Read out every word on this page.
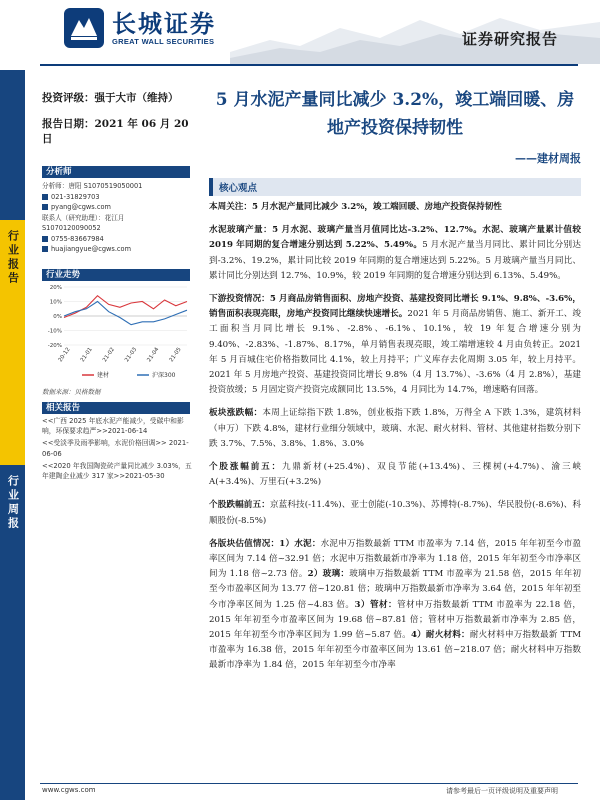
行业报告
行业周报
长城证券
GREAT WALL SECURITIES	证券研究报告
投资评级：强于大市（维持）
报告日期：2021 年 06 月 20 日
分析师
分析师：唐阳 S1070519050001
021-31829703
pyang@cgws.com
联系人（研究助理）：花江月
S1070120090052
0755-83667984
huajiangyue@cgws.com
行业走势
20%
10%
0%
-10%
-20%
20-12 21-01 21-02 21-03 21-04 21-05
建材	沪深300
数据来源：贝格数据
相关报告
<<广西 2025 年底水泥产能减少，受碳中和影响，环保要求趋严>>2021-06-14
<<受淡季及雨季影响，水泥价格回调>> 2021-06-06
<<2020 年我国陶瓷砖产量同比减少 3.03%，五年建陶企业减少 317 家>>2021-05-30
5 月水泥产量同比减少 3.2%，竣工端回暖、房地产投资保持韧性
——建材周报
核心观点
本周关注：5 月水泥产量同比减少 3.2%，竣工端回暖、房地产投资保持韧性
水泥玻璃产量：5 月水泥、玻璃产量当月值同比达-3.2%、12.7%。水泥、玻璃产量累计值较 2019 年同期的复合增速分别达到 5.22%、5.49%。5 月水泥产量当月同比、累计同比分别达到-3.2%、19.2%，累计同比较 2019 年同期的复合增速达到 5.22%。5 月玻璃产量当月同比、累计同比分别达到 12.7%、10.9%，较 2019 年同期的复合增速分别达到 6.13%、5.49%。
下游投资情况：5 月商品房销售面积、房地产投资、基建投资同比增长 9.1%、9.8%、-3.6%，销售面积表现亮眼，房地产投资同比继续快速增长。2021 年 5 月商品房销售、施工、新开工、竣工面积当月同比增长 9.1%、-2.8%、-6.1%、10.1%，较 19 年复合增速分别为 9.40%、-2.83%、-1.87%、8.17%，单月销售表现亮眼，竣工端增速较 4 月由负转正。2021 年 5 月百城住宅价格指数同比 4.1%，较上月持平；广义库存去化周期 3.05 年，较上月持平。2021 年 5 月房地产投资、基建投资同比增长 9.8%（4 月 13.7%）、-3.6%（4 月 2.8%），基建投资放缓；5 月固定资产投资完成额同比 13.5%，4 月同比为 14.7%，增速略有回落。
板块涨跌幅：本周上证综指下跌 1.8%，创业板指下跌 1.8%，万得全 A 下跌 1.3%，建筑材料（申万）下跌 4.8%，建材行业细分领域中，玻璃、水泥、耐火材料、管材、其他建材指数分别下跌 3.7%、7.5%、3.8%、1.8%、3.0%
个股涨幅前五：九鼎新材(+25.4%)、双良节能(+13.4%)、三棵树(+4.7%)、渝三峡 A(+3.4%)、万里石(+3.2%)
个股跌幅前五：京蓝科技(-11.4%)、亚士创能(-10.3%)、苏博特(-8.7%)、华民股份(-8.6%)、科顺股份(-8.5%)
各版块估值情况：1）水泥：水泥申万指数最新 TTM 市盈率为 7.14 倍，2015 年年初至今市盈率区间为 7.14 倍~32.91 倍；水泥申万指数最新市净率为 1.18 倍，2015 年年初至今市净率区间为 1.18 倍~2.73 倍。2）玻璃：玻璃申万指数最新 TTM 市盈率为 21.58 倍，2015 年年初至今市盈率区间为 13.77 倍~120.81 倍；玻璃申万指数最新市净率为 3.64 倍，2015 年年初至今市净率区间为 1.25 倍~4.83 倍。3）管材：管材申万指数最新 TTM 市盈率为 22.18 倍，2015 年年初至今市盈率区间为 19.68 倍~87.81 倍；管材申万指数最新市净率为 2.85 倍，2015 年年初至今市净率区间为 1.99 倍~5.87 倍。4）耐火材料：耐火材料申万指数最新 TTM 市盈率为 16.38 倍，2015 年年初至今市盈率区间为 13.61 倍~218.07 倍；耐火材料申万指数最新市净率为 1.84 倍，2015 年年初至今市净率
www.cgws.com	请参考最后一页评级说明及重要声明
